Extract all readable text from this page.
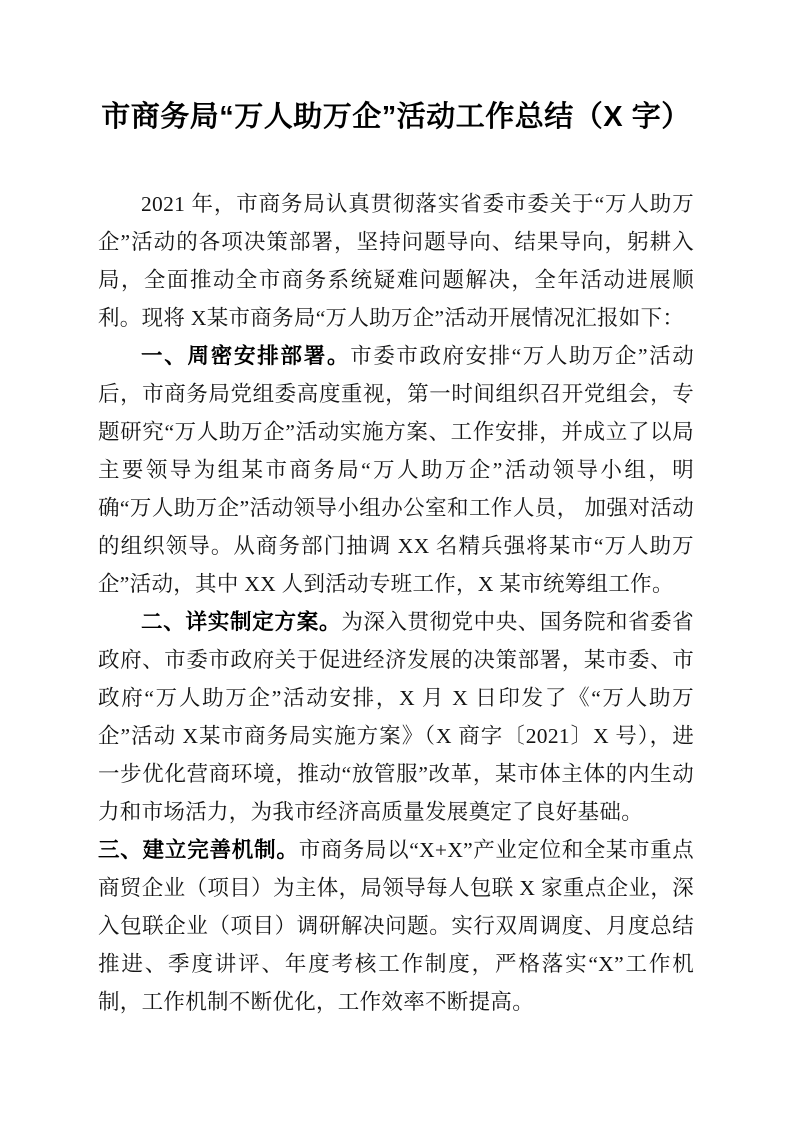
市商务局“万人助万企”活动工作总结（X 字）

2021 年，市商务局认真贯彻落实省委市委关于“万人助万企”活动的各项决策部署，坚持问题导向、结果导向，躬耕入局，全面推动全市商务系统疑难问题解决，全年活动进展顺利。现将 X某市商务局“万人助万企”活动开展情况汇报如下：

一、周密安排部署。市委市政府安排“万人助万企”活动后，市商务局党组委高度重视，第一时间组织召开党组会，专题研究“万人助万企”活动实施方案、工作安排，并成立了以局主要领导为组某市商务局“万人助万企”活动领导小组，明确“万人助万企”活动领导小组办公室和工作人员， 加强对活动的组织领导。从商务部门抽调 XX 名精兵强将某市“万人助万企”活动，其中 XX 人到活动专班工作，X 某市统筹组工作。

二、详实制定方案。为深入贯彻党中央、国务院和省委省政府、市委市政府关于促进经济发展的决策部署，某市委、市政府“万人助万企”活动安排，X 月 X 日印发了《“万人助万企”活动 X某市商务局实施方案》（X 商字〔2021〕X 号），进一步优化营商环境，推动“放管服”改革，某市体主体的内生动力和市场活力，为我市经济高质量发展奠定了良好基础。

三、建立完善机制。市商务局以“X+X”产业定位和全某市重点商贸企业（项目）为主体，局领导每人包联 X 家重点企业，深入包联企业（项目）调研解决问题。实行双周调度、月度总结推进、季度讲评、年度考核工作制度，严格落实“X”工作机制，工作机制不断优化，工作效率不断提高。
